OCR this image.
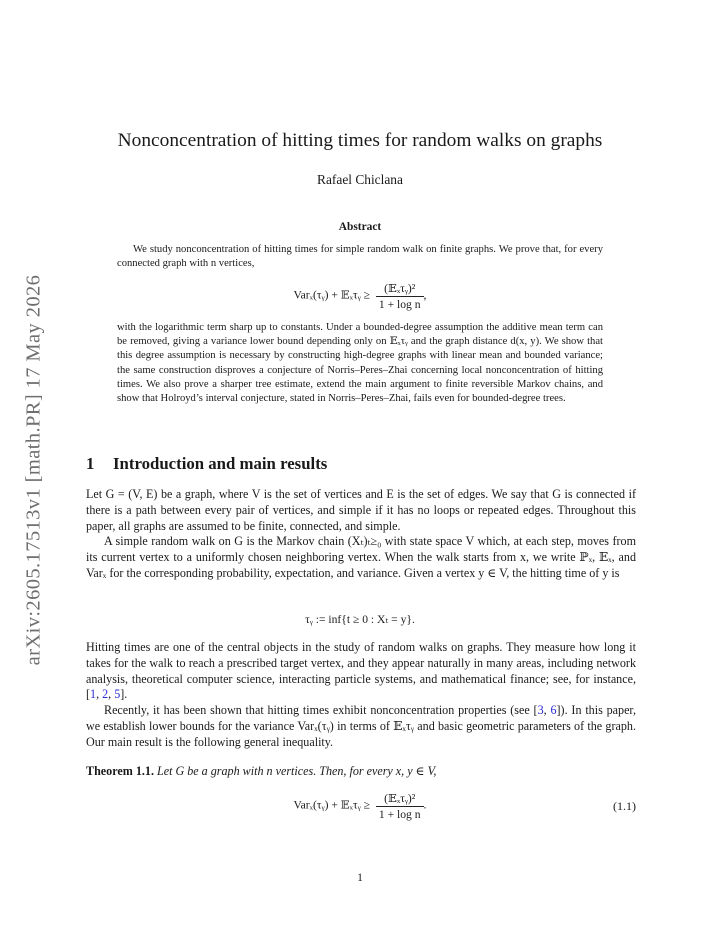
arXiv:2605.17513v1 [math.PR] 17 May 2026
Nonconcentration of hitting times for random walks on graphs
Rafael Chiclana
Abstract

We study nonconcentration of hitting times for simple random walk on finite graphs. We prove that, for every connected graph with n vertices,

Varₓ(τᵧ) + 𝔼ₓτᵧ ≥ $\frac{\text{(𝔼ₓτᵧ)²}}{\text{1 + log n}}$ ,

with the logarithmic term sharp up to constants. Under a bounded-degree assumption the additive mean term can be removed, giving a variance lower bound depending only on 𝔼ₓτᵧ and the graph distance d(x, y). We show that this degree assumption is necessary by constructing high-degree graphs with linear mean and bounded variance; the same construction disproves a conjecture of Norris–Peres–Zhai concerning local nonconcentration of hitting times. We also prove a sharper tree estimate, extend the main argument to finite reversible Markov chains, and show that Holroyd’s interval conjecture, stated in Norris–Peres–Zhai, fails even for bounded-degree trees.

1 Introduction and main results

Let G = (V, E) be a graph, where V is the set of vertices and E is the set of edges. We say that G is connected if there is a path between every pair of vertices, and simple if it has no loops or repeated edges. Throughout this paper, all graphs are assumed to be finite, connected, and simple.

A simple random walk on G is the Markov chain (Xₜ)ₜ≥₀ with state space V which, at each step, moves from its current vertex to a uniformly chosen neighboring vertex. When the walk starts from x, we write ℙₓ, 𝔼ₓ, and Varₓ for the corresponding probability, expectation, and variance. Given a vertex y ∈ V, the hitting time of y is

τᵧ := inf{t ≥ 0 : Xₜ = y}.

Hitting times are one of the central objects in the study of random walks on graphs. They measure how long it takes for the walk to reach a prescribed target vertex, and they appear naturally in many areas, including network analysis, theoretical computer science, interacting particle systems, and mathematical finance; see, for instance, [1, 2, 5].

Recently, it has been shown that hitting times exhibit nonconcentration properties (see [3, 6]). In this paper, we establish lower bounds for the variance Varₓ(τᵧ) in terms of 𝔼ₓτᵧ and basic geometric parameters of the graph. Our main result is the following general inequality.

Theorem 1.1. Let G be a graph with n vertices. Then, for every x, y ∈ V,
Varₓ(τᵧ) + 𝔼ₓτᵧ ≥ $\frac{\text{(𝔼ₓτᵧ)²}}{\text{1 + log n}}$ .	(1.1)
1
